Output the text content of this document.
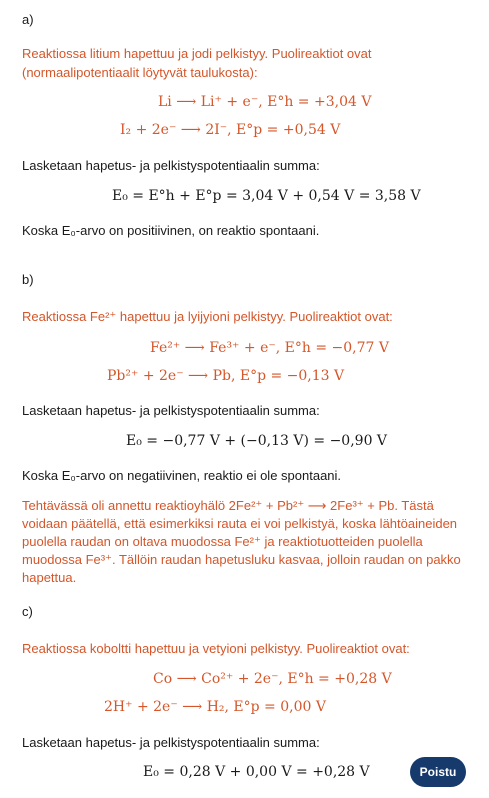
a)
Reaktiossa litium hapettuu ja jodi pelkistyy. Puolireaktiot ovat (normaalipotentiaalit löytyvät taulukosta):
Li ⟶ Li⁺ + e⁻, E°h = +3,04 V
I₂ + 2e⁻ ⟶ 2I⁻, E°p = +0,54 V
Lasketaan hapetus- ja pelkistyspotentiaalin summa:
E₀ = E°h + E°p = 3,04 V + 0,54 V = 3,58 V
Koska E₀-arvo on positiivinen, on reaktio spontaani.
b)
Reaktiossa Fe²⁺ hapettuu ja lyijyioni pelkistyy. Puolireaktiot ovat:
Fe²⁺ ⟶ Fe³⁺ + e⁻, E°h = −0,77 V
Pb²⁺ + 2e⁻ ⟶ Pb, E°p = −0,13 V
Lasketaan hapetus- ja pelkistyspotentiaalin summa:
E₀ = −0,77 V + (−0,13 V) = −0,90 V
Koska E₀-arvo on negatiivinen, reaktio ei ole spontaani.
Tehtävässä oli annettu reaktioyhälö 2Fe²⁺ + Pb²⁺ ⟶ 2Fe³⁺ + Pb. Tästä voidaan päätellä, että esimerkiksi rauta ei voi pelkistyä, koska lähtöaineiden puolella raudan on oltava muodossa Fe²⁺ ja reaktiotuotteiden puolella muodossa Fe³⁺. Tällöin raudan hapetusluku kasvaa, jolloin raudan on pakko hapettua.
c)
Reaktiossa koboltti hapettuu ja vetyioni pelkistyy. Puolireaktiot ovat:
Co ⟶ Co²⁺ + 2e⁻, E°h = +0,28 V
2H⁺ + 2e⁻ ⟶ H₂, E°p = 0,00 V
Lasketaan hapetus- ja pelkistyspotentiaalin summa:
E₀ = 0,28 V + 0,00 V = +0,28 V	Poistu
